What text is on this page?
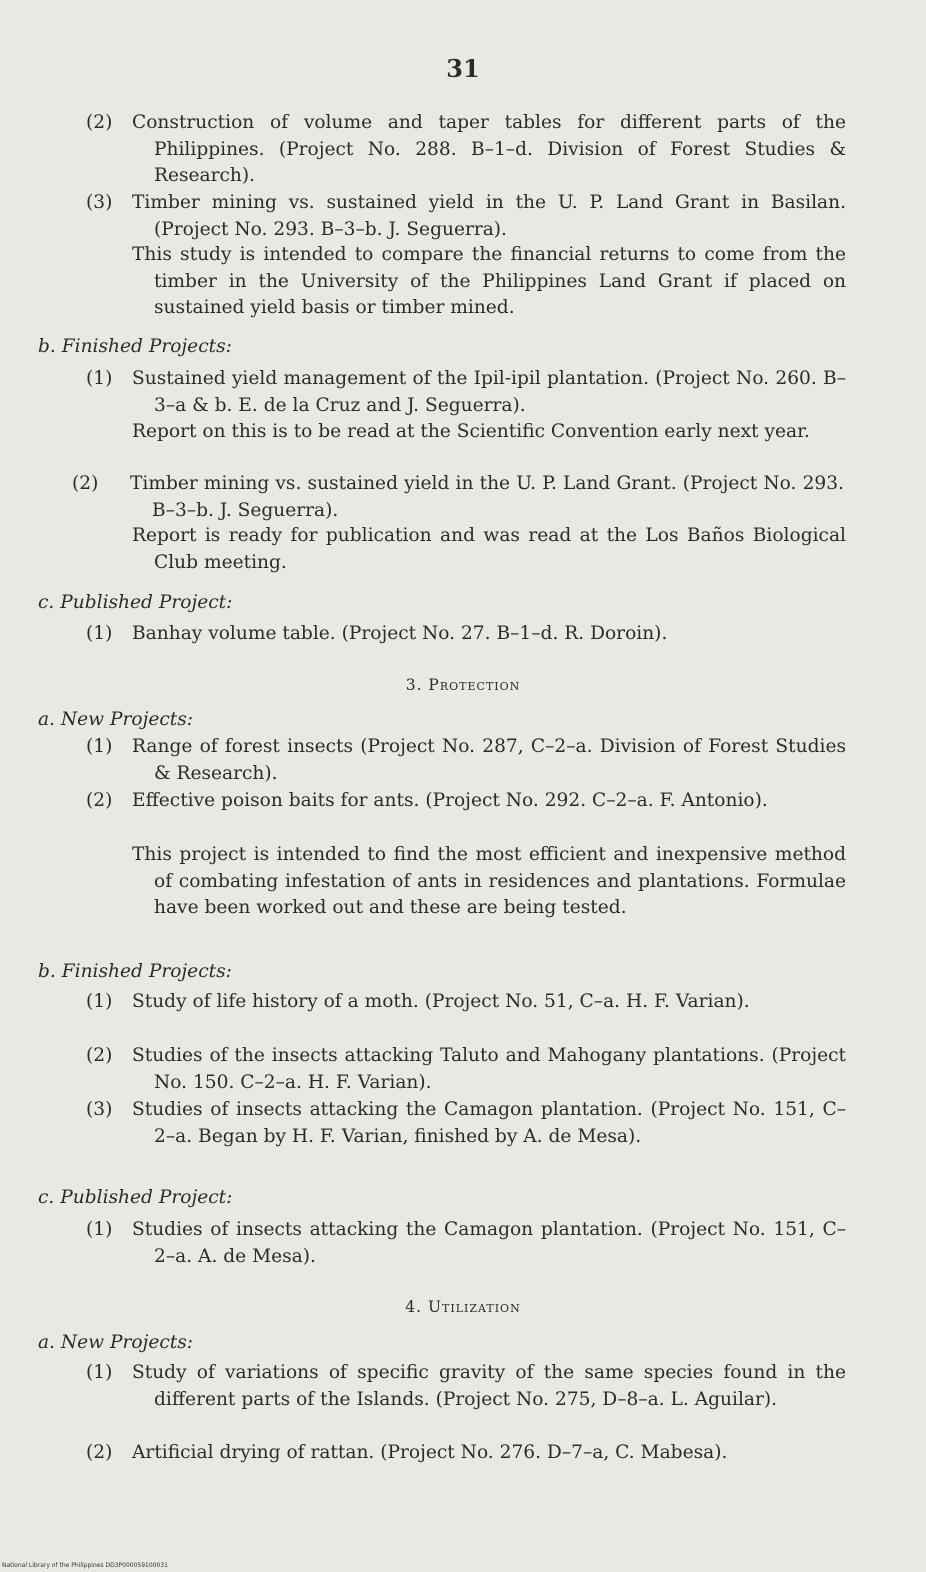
31
(2) Construction of volume and taper tables for different parts of the Philippines. (Project No. 288. B–1–d. Division of Forest Studies & Research).
(3) Timber mining vs. sustained yield in the U. P. Land Grant in Basilan. (Project No. 293. B–3–b. J. Seguerra).
This study is intended to compare the financial returns to come from the timber in the University of the Philippines Land Grant if placed on sustained yield basis or timber mined.
b. Finished Projects:
(1) Sustained yield management of the Ipil-ipil plantation. (Project No. 260. B–3–a & b. E. de la Cruz and J. Seguerra).
Report on this is to be read at the Scientific Convention early next year.
(2) Timber mining vs. sustained yield in the U. P. Land Grant. (Project No. 293. B–3–b. J. Seguerra).
Report is ready for publication and was read at the Los Baños Biological Club meeting.
c. Published Project:
(1) Banhay volume table. (Project No. 27. B–1–d. R. Doroin).
3. Protection
a. New Projects:
(1) Range of forest insects (Project No. 287, C–2–a. Division of Forest Studies & Research).
(2) Effective poison baits for ants. (Project No. 292. C–2–a. F. Antonio).
This project is intended to find the most efficient and inexpensive method of combating infestation of ants in residences and plantations. Formulae have been worked out and these are being tested.
b. Finished Projects:
(1) Study of life history of a moth. (Project No. 51, C–a. H. F. Varian).
(2) Studies of the insects attacking Taluto and Mahogany plantations. (Project No. 150. C–2–a. H. F. Varian).
(3) Studies of insects attacking the Camagon plantation. (Project No. 151, C–2–a. Began by H. F. Varian, finished by A. de Mesa).
c. Published Project:
(1) Studies of insects attacking the Camagon plantation. (Project No. 151, C–2–a. A. de Mesa).
4. Utilization
a. New Projects:
(1) Study of variations of specific gravity of the same species found in the different parts of the Islands. (Project No. 275, D–8–a. L. Aguilar).
(2) Artificial drying of rattan. (Project No. 276. D–7–a, C. Mabesa).
National Library of the Philippines DD3P000059100031
